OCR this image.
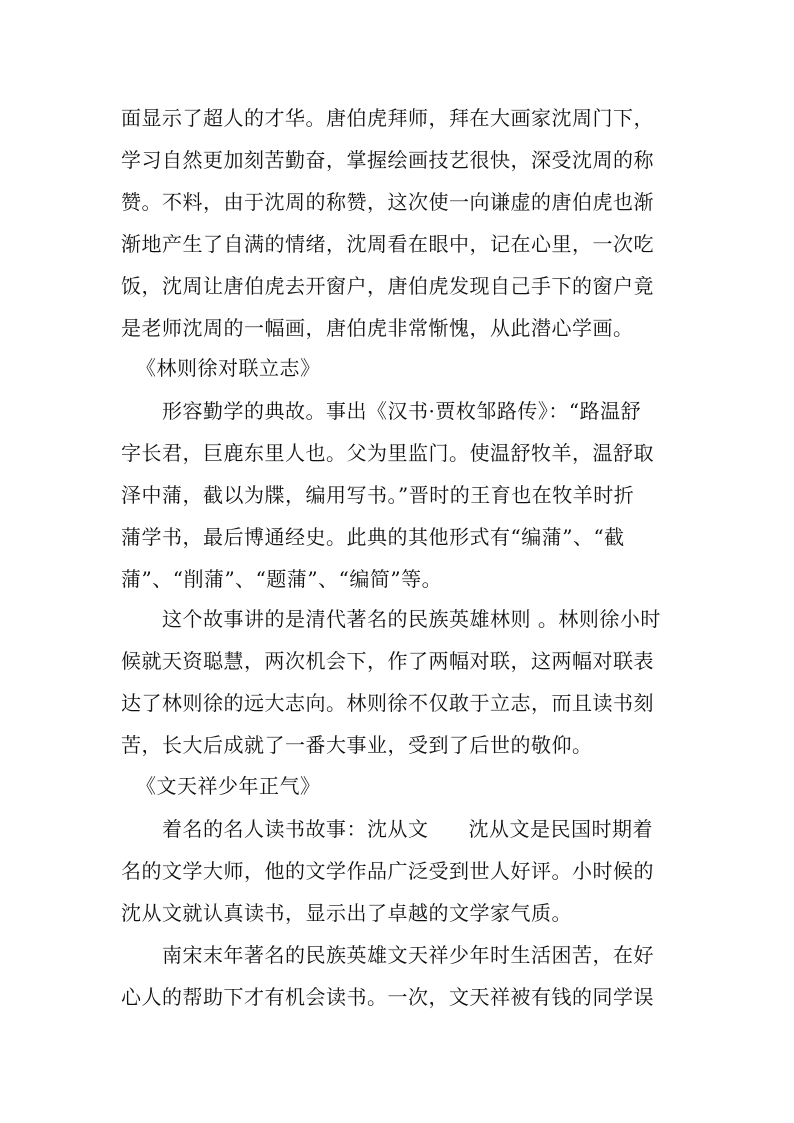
面显示了超人的才华。唐伯虎拜师，拜在大画家沈周门下，
学习自然更加刻苦勤奋，掌握绘画技艺很快，深受沈周的称
赞。不料，由于沈周的称赞，这次使一向谦虚的唐伯虎也渐
渐地产生了自满的情绪，沈周看在眼中，记在心里，一次吃
饭，沈周让唐伯虎去开窗户，唐伯虎发现自己手下的窗户竟
是老师沈周的一幅画，唐伯虎非常惭愧，从此潜心学画。
《林则徐对联立志》
形容勤学的典故。事出《汉书·贾枚邹路传》：“路温舒
字长君，巨鹿东里人也。父为里监门。使温舒牧羊，温舒取
泽中蒲，截以为牒，编用写书。”晋时的王育也在牧羊时折
蒲学书，最后博通经史。此典的其他形式有“编蒲”、“截
蒲”、“削蒲”、“题蒲”、“编简”等。
这个故事讲的是清代著名的民族英雄林则 。林则徐小时
候就天资聪慧，两次机会下，作了两幅对联，这两幅对联表
达了林则徐的远大志向。林则徐不仅敢于立志，而且读书刻
苦，长大后成就了一番大事业，受到了后世的敬仰。
《文天祥少年正气》
着名的名人读书故事：沈从文 沈从文是民国时期着
名的文学大师，他的文学作品广泛受到世人好评。小时候的
沈从文就认真读书，显示出了卓越的文学家气质。
南宋末年著名的民族英雄文天祥少年时生活困苦，在好
心人的帮助下才有机会读书。一次，文天祥被有钱的同学误
